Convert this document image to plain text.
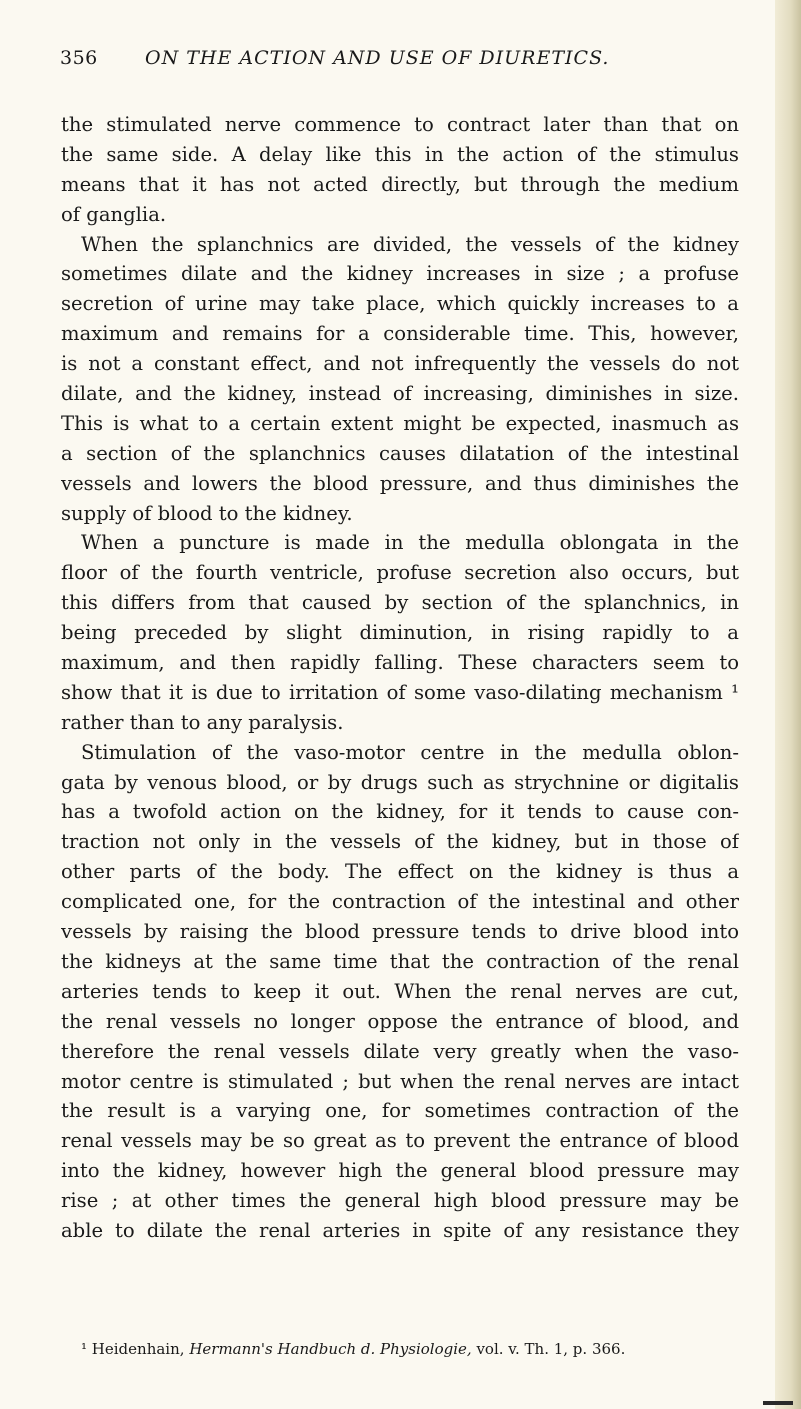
356 ON THE ACTION AND USE OF DIURETICS.
the stimulated nerve commence to contract later than that on
the same side. A delay like this in the action of the stimulus
means that it has not acted directly, but through the medium
of ganglia.
When the splanchnics are divided, the vessels of the kidney
sometimes dilate and the kidney increases in size ; a profuse
secretion of urine may take place, which quickly increases to a
maximum and remains for a considerable time. This, however,
is not a constant effect, and not infrequently the vessels do not
dilate, and the kidney, instead of increasing, diminishes in size.
This is what to a certain extent might be expected, inasmuch as
a section of the splanchnics causes dilatation of the intestinal
vessels and lowers the blood pressure, and thus diminishes the
supply of blood to the kidney.
When a puncture is made in the medulla oblongata in the
floor of the fourth ventricle, profuse secretion also occurs, but
this differs from that caused by section of the splanchnics, in
being preceded by slight diminution, in rising rapidly to a
maximum, and then rapidly falling. These characters seem to
show that it is due to irritation of some vaso-dilating mechanism ¹
rather than to any paralysis.
Stimulation of the vaso-motor centre in the medulla oblon-
gata by venous blood, or by drugs such as strychnine or digitalis
has a twofold action on the kidney, for it tends to cause con-
traction not only in the vessels of the kidney, but in those of
other parts of the body. The effect on the kidney is thus a
complicated one, for the contraction of the intestinal and other
vessels by raising the blood pressure tends to drive blood into
the kidneys at the same time that the contraction of the renal
arteries tends to keep it out. When the renal nerves are cut,
the renal vessels no longer oppose the entrance of blood, and
therefore the renal vessels dilate very greatly when the vaso-
motor centre is stimulated ; but when the renal nerves are intact
the result is a varying one, for sometimes contraction of the
renal vessels may be so great as to prevent the entrance of blood
into the kidney, however high the general blood pressure may
rise ; at other times the general high blood pressure may be
able to dilate the renal arteries in spite of any resistance they
¹ Heidenhain, Hermann's Handbuch d. Physiologie, vol. v. Th. 1, p. 366.
